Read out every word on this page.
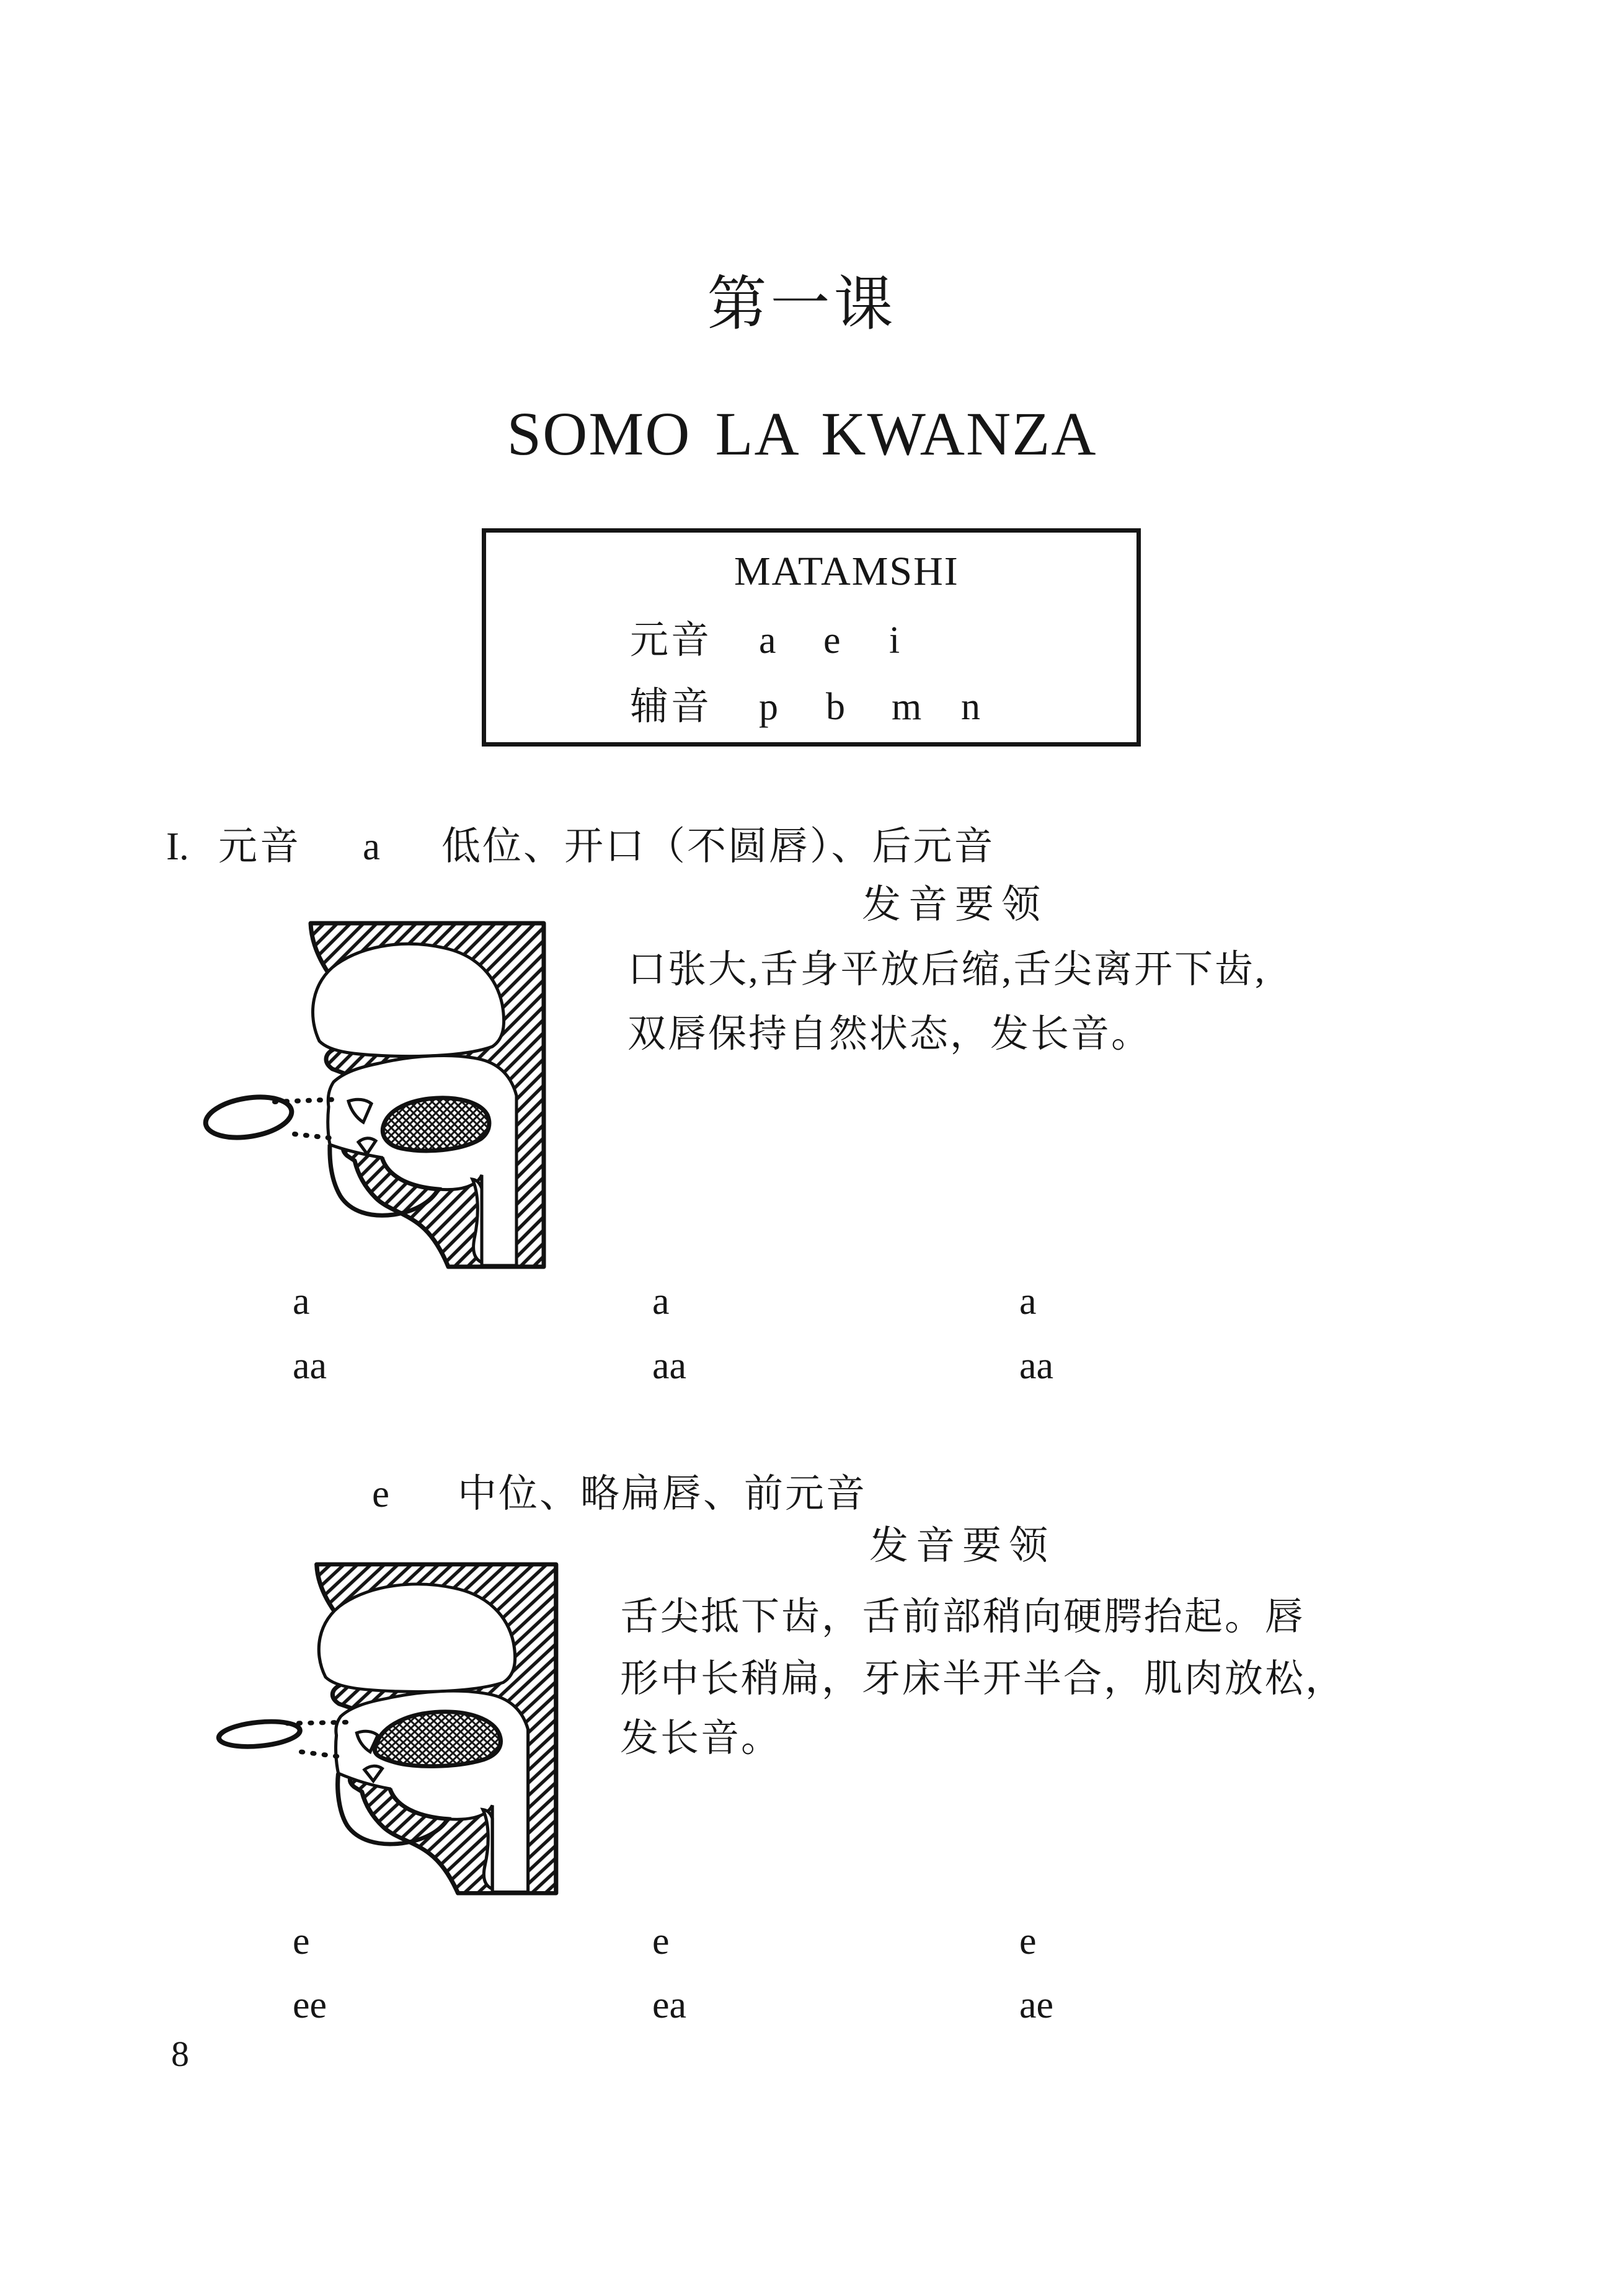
第一课
SOMO LA KWANZA
MATAMSHI
元音 a e i
辅音 p b m n
I. 元音 a 低位、开口（不圆唇）、后元音
发音要领
口张大,舌身平放后缩,舌尖离开下齿,
双唇保持自然状态，发长音。
a	a	a
aa	aa	aa
e 中位、略扁唇、前元音
发音要领
舌尖抵下齿，舌前部稍向硬腭抬起。唇
形中长稍扁，牙床半开半合，肌肉放松，
发长音。
e	e	e
ee	ea	ae
8
